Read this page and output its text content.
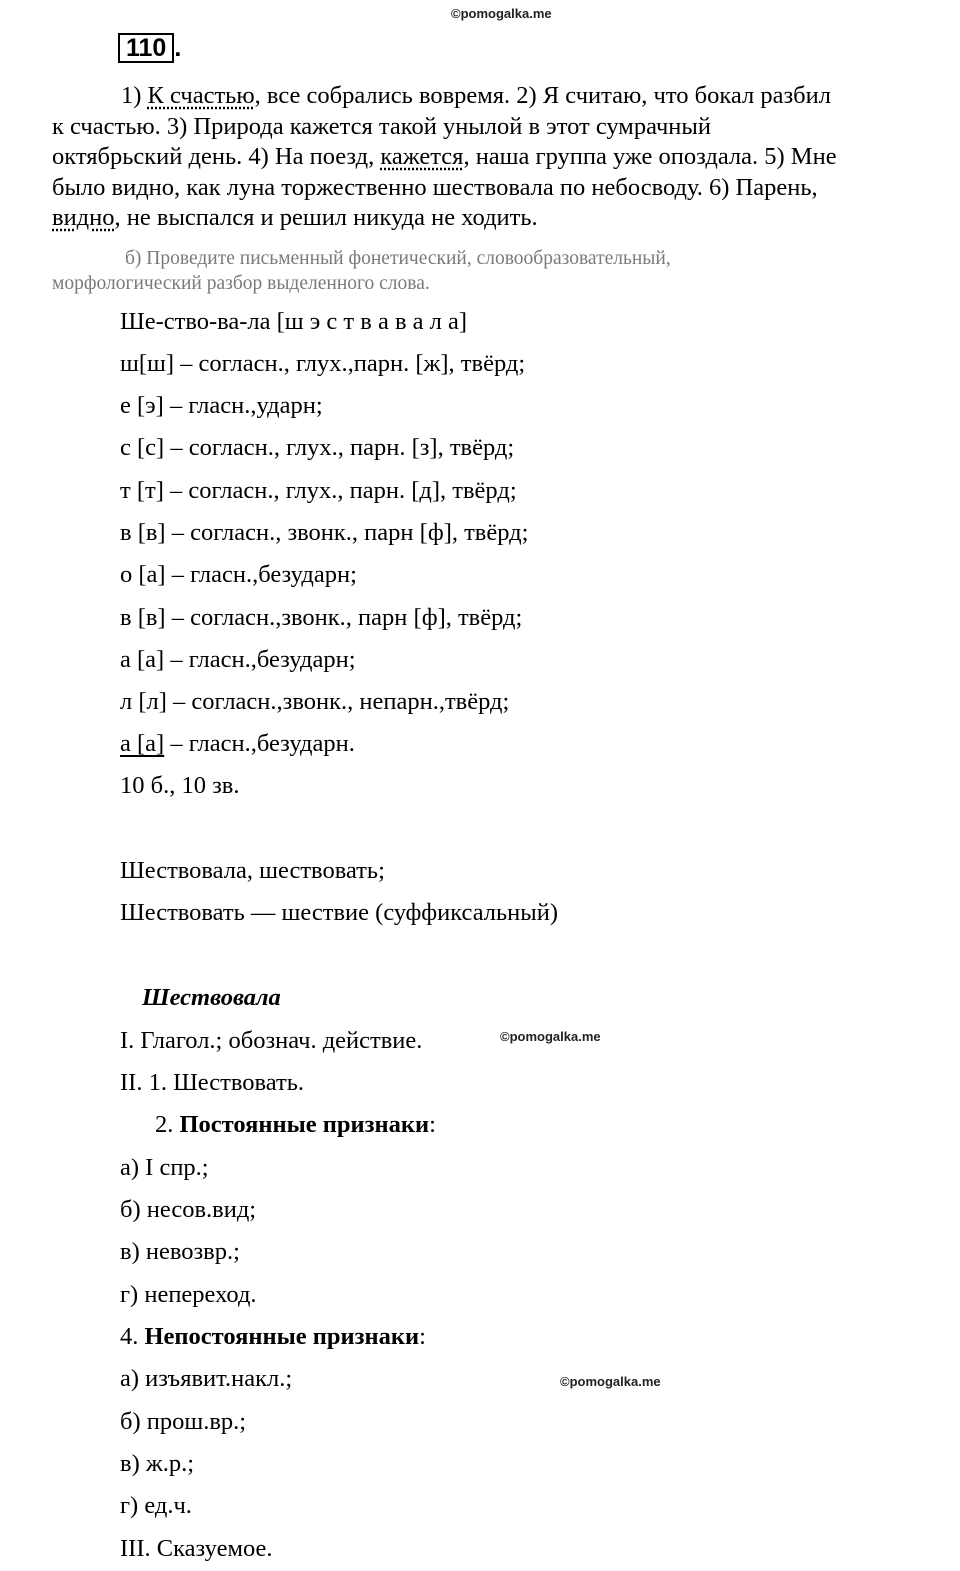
©pomogalka.me
©pomogalka.me
©pomogalka.me
110 .

1) К счастью, все собрались вовремя. 2) Я считаю, что бокал разбил

к счастью. 3) Природа кажется такой унылой в этот сумрачный

октябрьский день. 4) На поезд, кажется, наша группа уже опоздала. 5) Мне

было видно, как луна торжественно шествовала по небосводу. 6) Парень,

видно, не выспался и решил никуда не ходить.

б) Проведите письменный фонетический, словообразовательный,

морфологический разбор выделенного слова.

Ше-ство-ва-ла [ш э с т в а в а л а]
ш[ш] – согласн., глух.,парн. [ж], твёрд;
е [э] – гласн.,ударн;
с [с] – согласн., глух., парн. [з], твёрд;
т [т] – согласн., глух., парн. [д], твёрд;
в [в] – согласн., звонк., парн [ф], твёрд;
о [а] – гласн.,безударн;
в [в] – согласн.,звонк., парн [ф], твёрд;
а [а] – гласн.,безударн;
л [л] – согласн.,звонк., непарн.,твёрд;
а [а] – гласн.,безударн.
10 б., 10 зв.
Шествовала, шествовать;
Шествовать — шествие (суффиксальный)
Шествовала
I. Глагол.; обознач. действие.
II. 1. Шествовать.
2. Постоянные признаки:
а) I спр.;
б) несов.вид;
в) невозвр.;
г) непереход.
4. Непостоянные признаки:
а) изъявит.накл.;
б) прош.вр.;
в) ж.р.;
г) ед.ч.
III. Сказуемое.
